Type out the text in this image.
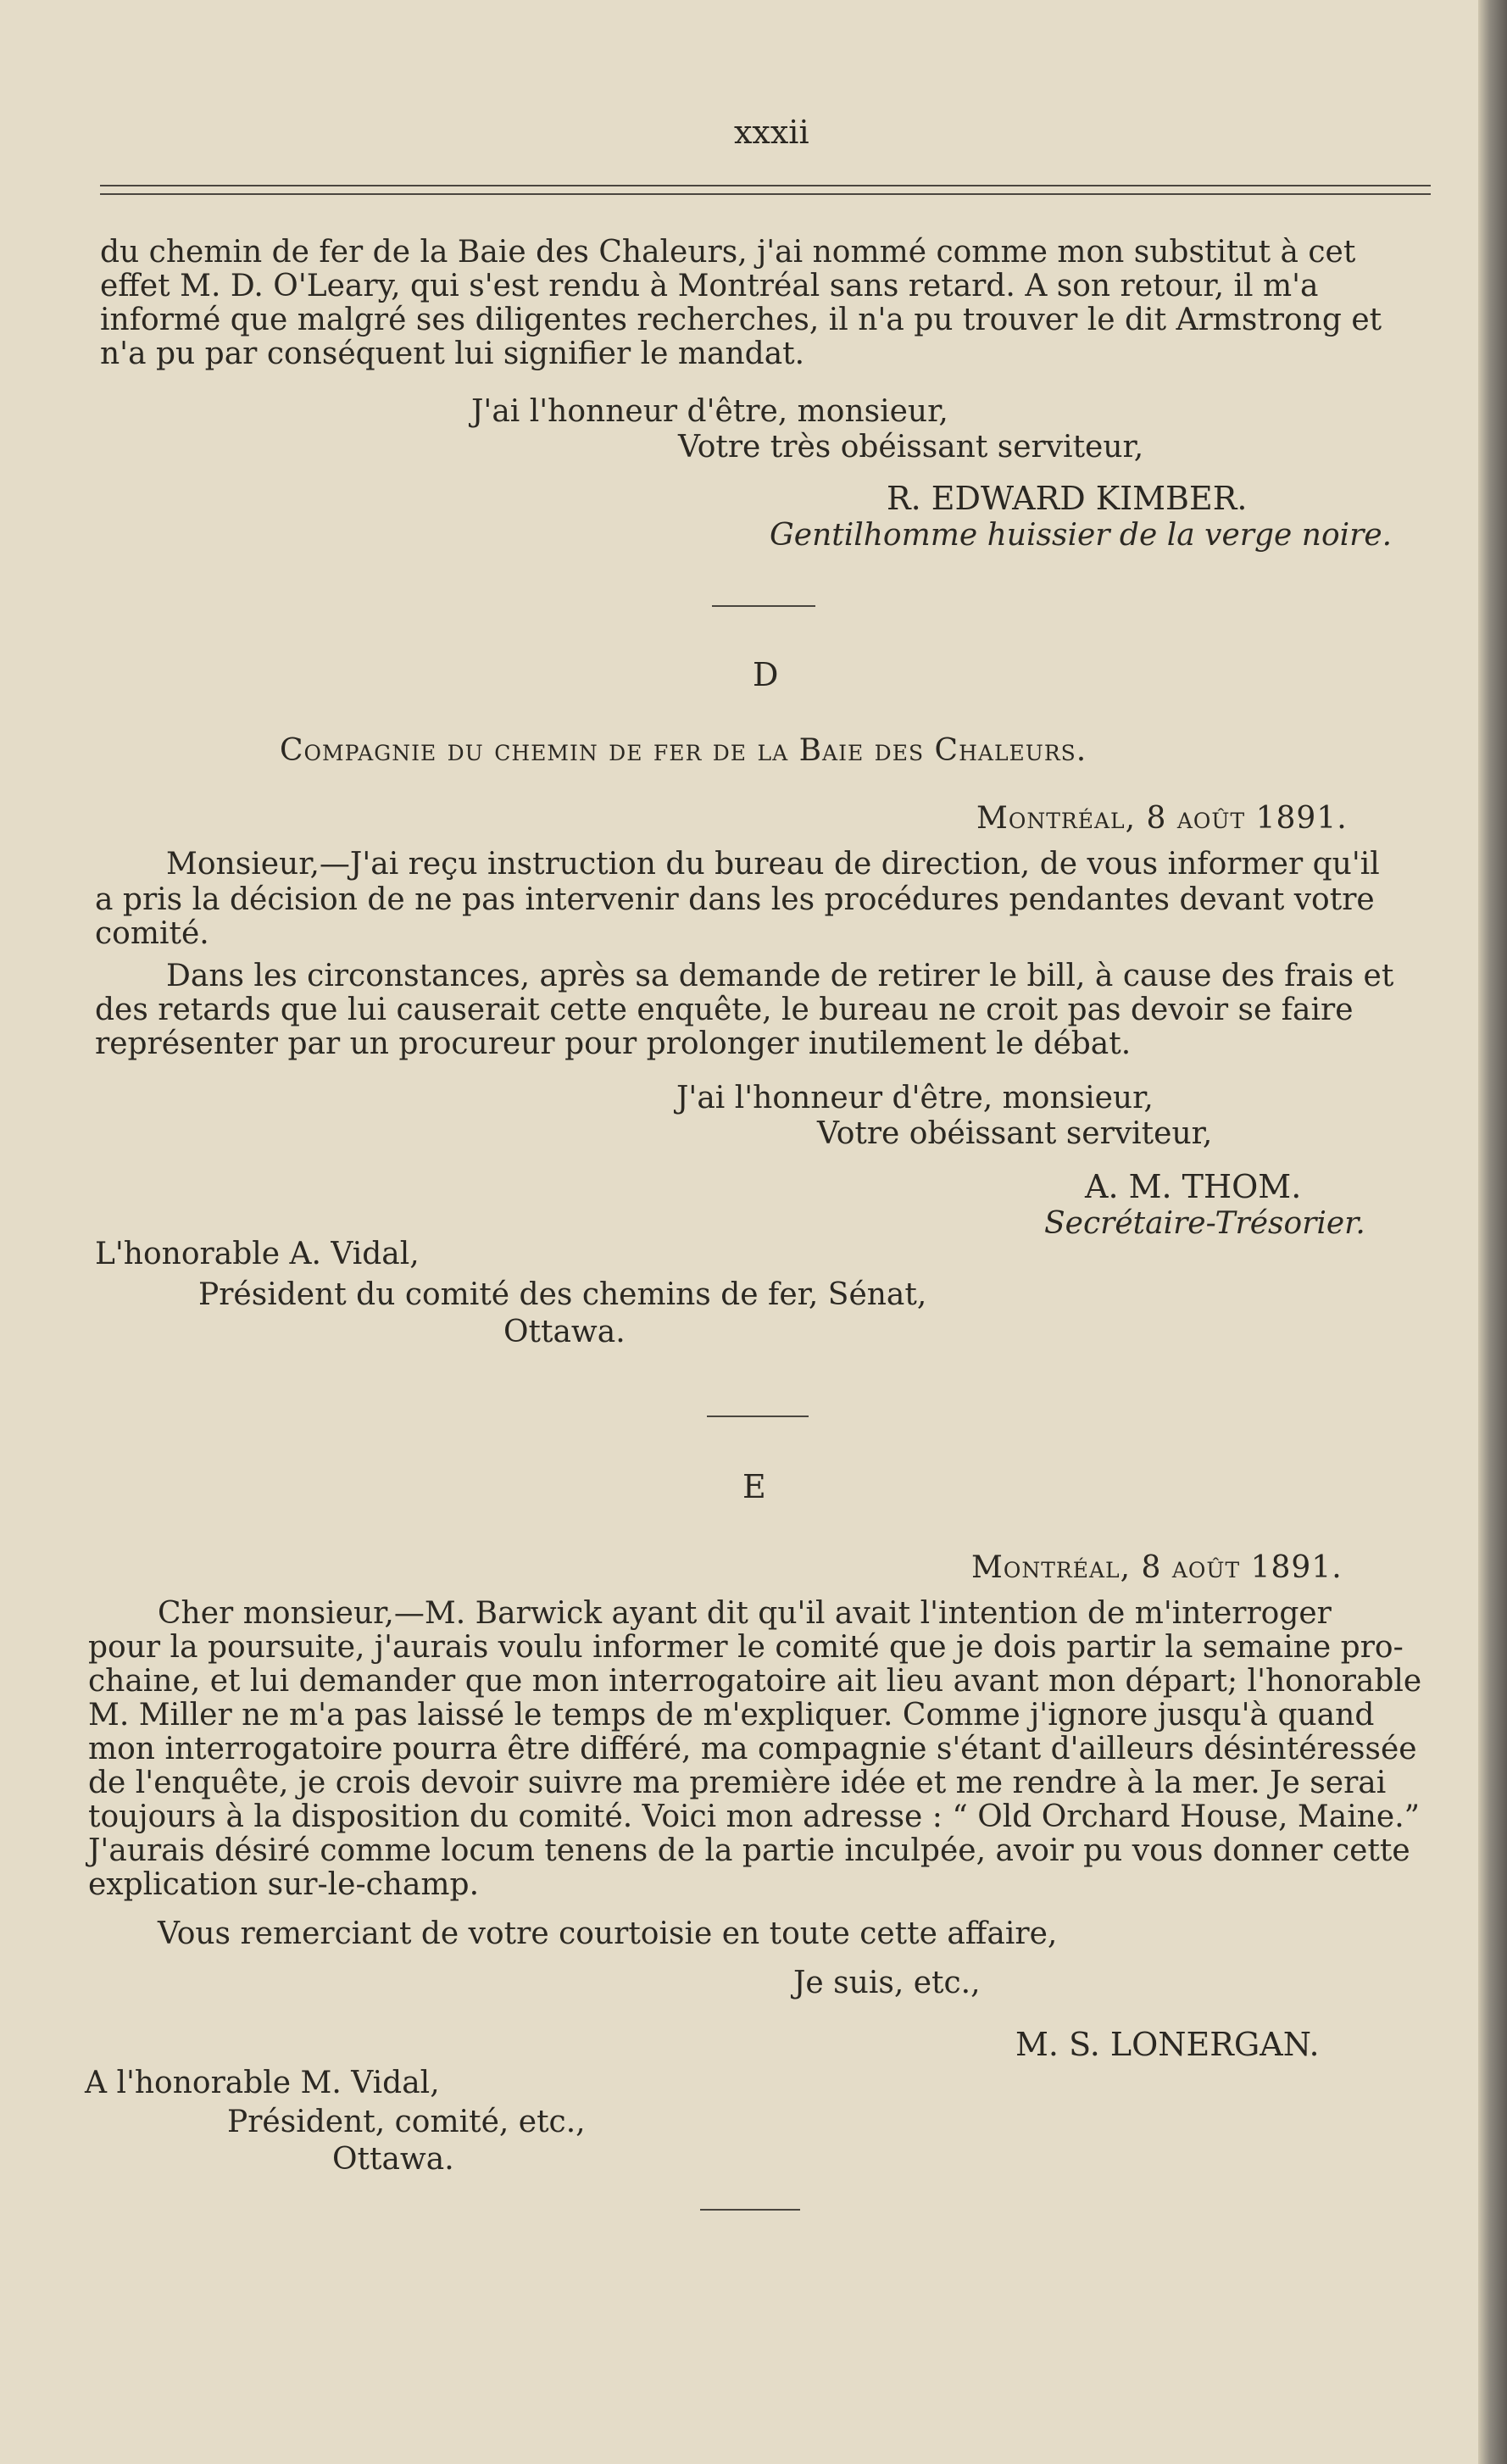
xxxii
du chemin de fer de la Baie des Chaleurs, j'ai nommé comme mon substitut à cet
effet M. D. O'Leary, qui s'est rendu à Montréal sans retard. A son retour, il m'a
informé que malgré ses diligentes recherches, il n'a pu trouver le dit Armstrong et
n'a pu par conséquent lui signifier le mandat.
J'ai l'honneur d'être, monsieur,
Votre très obéissant serviteur,
R. EDWARD KIMBER.
Gentilhomme huissier de la verge noire.
D
Compagnie du chemin de fer de la Baie des Chaleurs.
Montréal, 8 août 1891.
Monsieur,—J'ai reçu instruction du bureau de direction, de vous informer qu'il
a pris la décision de ne pas intervenir dans les procédures pendantes devant votre
comité.
Dans les circonstances, après sa demande de retirer le bill, à cause des frais et
des retards que lui causerait cette enquête, le bureau ne croit pas devoir se faire
représenter par un procureur pour prolonger inutilement le débat.
J'ai l'honneur d'être, monsieur,
Votre obéissant serviteur,
A. M. THOM.
Secrétaire-Trésorier.
L'honorable A. Vidal,
Président du comité des chemins de fer, Sénat,
Ottawa.
E
Montréal, 8 août 1891.
Cher monsieur,—M. Barwick ayant dit qu'il avait l'intention de m'interroger
pour la poursuite, j'aurais voulu informer le comité que je dois partir la semaine pro-
chaine, et lui demander que mon interrogatoire ait lieu avant mon départ; l'honorable
M. Miller ne m'a pas laissé le temps de m'expliquer. Comme j'ignore jusqu'à quand
mon interrogatoire pourra être différé, ma compagnie s'étant d'ailleurs désintéressée
de l'enquête, je crois devoir suivre ma première idée et me rendre à la mer. Je serai
toujours à la disposition du comité. Voici mon adresse : “ Old Orchard House, Maine.”
J'aurais désiré comme locum tenens de la partie inculpée, avoir pu vous donner cette
explication sur-le-champ.
Vous remerciant de votre courtoisie en toute cette affaire,
Je suis, etc.,
M. S. LONERGAN.
A l'honorable M. Vidal,
Président, comité, etc.,
Ottawa.
